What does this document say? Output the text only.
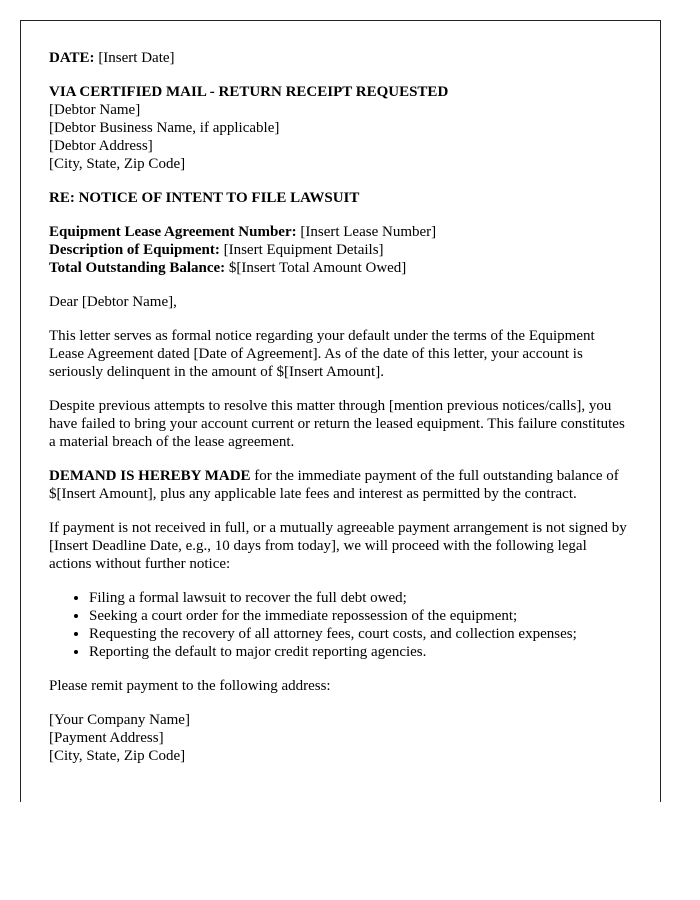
DATE: [Insert Date]

VIA CERTIFIED MAIL - RETURN RECEIPT REQUESTED
[Debtor Name]
[Debtor Business Name, if applicable]
[Debtor Address]
[City, State, Zip Code]

RE: NOTICE OF INTENT TO FILE LAWSUIT

Equipment Lease Agreement Number: [Insert Lease Number]
Description of Equipment: [Insert Equipment Details]
Total Outstanding Balance: $[Insert Total Amount Owed]

Dear [Debtor Name],

This letter serves as formal notice regarding your default under the terms of the Equipment Lease Agreement dated [Date of Agreement]. As of the date of this letter, your account is seriously delinquent in the amount of $[Insert Amount].

Despite previous attempts to resolve this matter through [mention previous notices/calls], you have failed to bring your account current or return the leased equipment. This failure constitutes a material breach of the lease agreement.

DEMAND IS HEREBY MADE for the immediate payment of the full outstanding balance of $[Insert Amount], plus any applicable late fees and interest as permitted by the contract.

If payment is not received in full, or a mutually agreeable payment arrangement is not signed by [Insert Deadline Date, e.g., 10 days from today], we will proceed with the following legal actions without further notice:

• Filing a formal lawsuit to recover the full debt owed;
• Seeking a court order for the immediate repossession of the equipment;
• Requesting the recovery of all attorney fees, court costs, and collection expenses;
• Reporting the default to major credit reporting agencies.

Please remit payment to the following address:

[Your Company Name]
[Payment Address]
[City, State, Zip Code]
